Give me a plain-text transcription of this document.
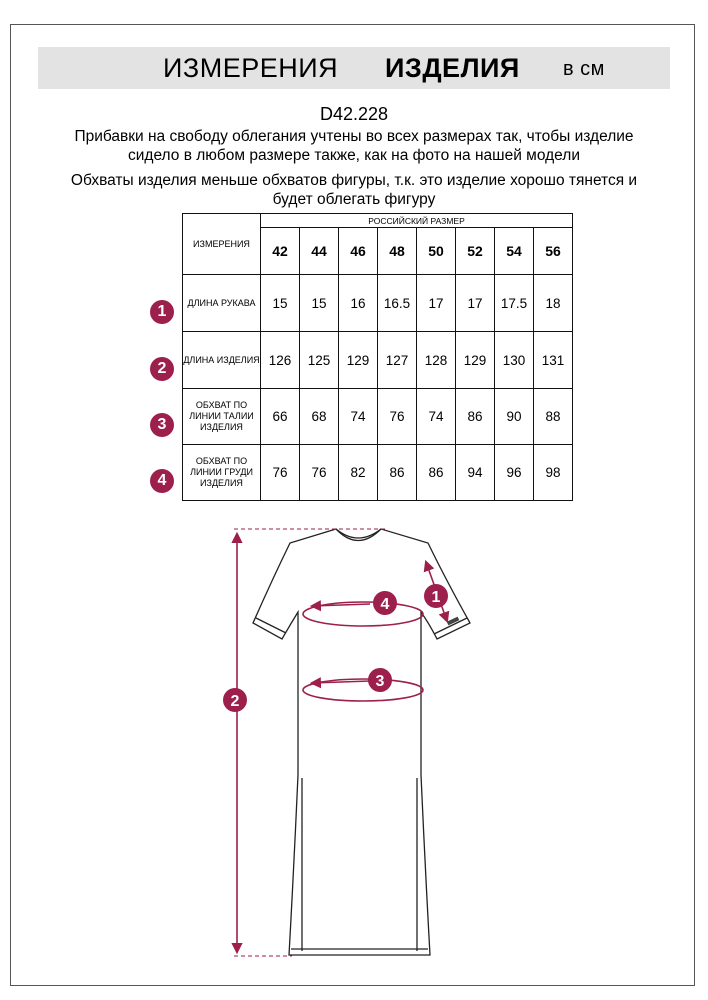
ИЗМЕРЕНИЯ ИЗДЕЛИЯ в см
D42.228
Прибавки на свободу облегания учтены во всех размерах так, чтобы изделие сидело в любом размере также, как на фото на нашей модели
Обхваты изделия меньше обхватов фигуры, т.к. это изделие хорошо тянется и будет облегать фигуру
ИЗМЕРЕНИЯ	РОССИЙСКИЙ РАЗМЕР							
	42	44	46	48	50	52	54	56
ДЛИНА РУКАВА	15	15	16	16.5	17	17	17.5	18
ДЛИНА ИЗДЕЛИЯ	126	125	129	127	128	129	130	131
ОБХВАТ ПО ЛИНИИ ТАЛИИ ИЗДЕЛИЯ	66	68	74	76	74	86	90	88
ОБХВАТ ПО ЛИНИИ ГРУДИ ИЗДЕЛИЯ	76	76	82	86	86	94	96	98
1
2
3
4
2
4
3
1
